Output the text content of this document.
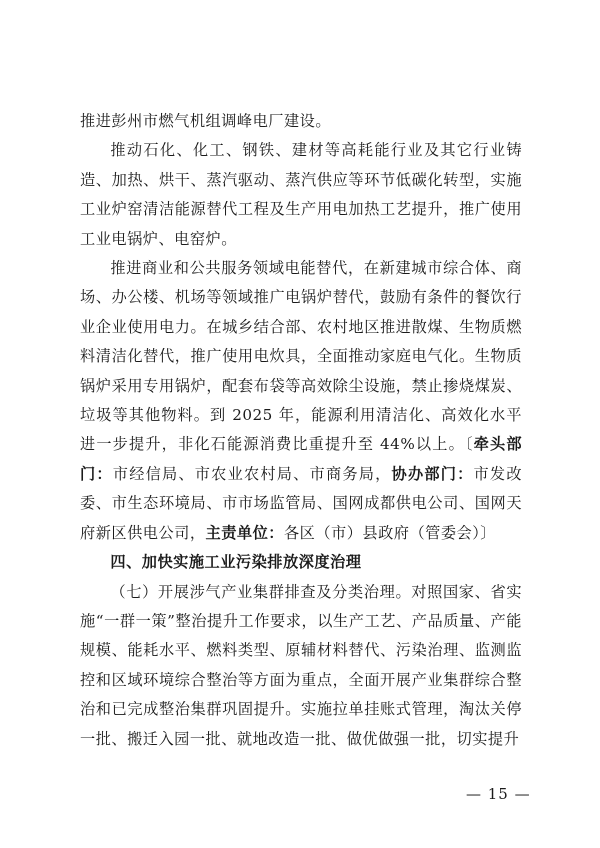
推进彭州市燃气机组调峰电厂建设。

推动石化、化工、钢铁、建材等高耗能行业及其它行业铸造、加热、烘干、蒸汽驱动、蒸汽供应等环节低碳化转型，实施工业炉窑清洁能源替代工程及生产用电加热工艺提升，推广使用工业电锅炉、电窑炉。

推进商业和公共服务领域电能替代，在新建城市综合体、商场、办公楼、机场等领域推广电锅炉替代，鼓励有条件的餐饮行业企业使用电力。在城乡结合部、农村地区推进散煤、生物质燃料清洁化替代，推广使用电炊具，全面推动家庭电气化。生物质锅炉采用专用锅炉，配套布袋等高效除尘设施，禁止掺烧煤炭、垃圾等其他物料。到 2025 年，能源利用清洁化、高效化水平进一步提升，非化石能源消费比重提升至 44%以上。〔牵头部门：市经信局、市农业农村局、市商务局，协办部门：市发改委、市生态环境局、市市场监管局、国网成都供电公司、国网天府新区供电公司，主责单位：各区（市）县政府（管委会）〕

四、加快实施工业污染排放深度治理

（七）开展涉气产业集群排查及分类治理。对照国家、省实施“一群一策”整治提升工作要求，以生产工艺、产品质量、产能规模、能耗水平、燃料类型、原辅材料替代、污染治理、监测监控和区域环境综合整治等方面为重点，全面开展产业集群综合整治和已完成整治集群巩固提升。实施拉单挂账式管理，淘汰关停一批、搬迁入园一批、就地改造一批、做优做强一批，切实提升

— 15 —
